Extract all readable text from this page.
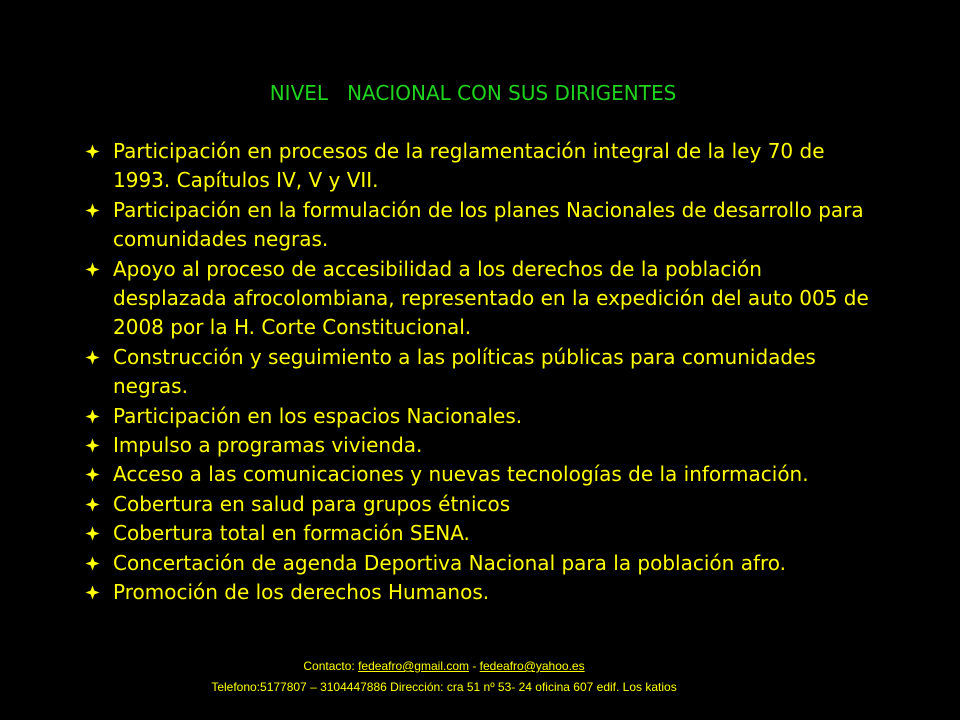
NIVEL   NACIONAL CON SUS DIRIGENTES
Participación en procesos de la reglamentación integral de la ley 70 de 1993. Capítulos IV, V y VII.
Participación en la formulación de los planes Nacionales de desarrollo para comunidades negras.
Apoyo al proceso de accesibilidad a los derechos de la población desplazada afrocolombiana, representado en la expedición del auto 005 de 2008 por la H. Corte Constitucional.
Construcción y seguimiento a las políticas públicas para comunidades negras.
Participación en los espacios Nacionales.
Impulso a programas vivienda.
Acceso a las comunicaciones y nuevas tecnologías de la información.
Cobertura en salud para grupos étnicos
Cobertura total en formación SENA.
Concertación de agenda Deportiva Nacional para la población afro.
Promoción de los derechos Humanos.
Contacto: fedeafro@gmail.com - fedeafro@yahoo.es
Telefono:5177807 – 3104447886 Dirección: cra 51 nº 53- 24 oficina 607 edif. Los katios
